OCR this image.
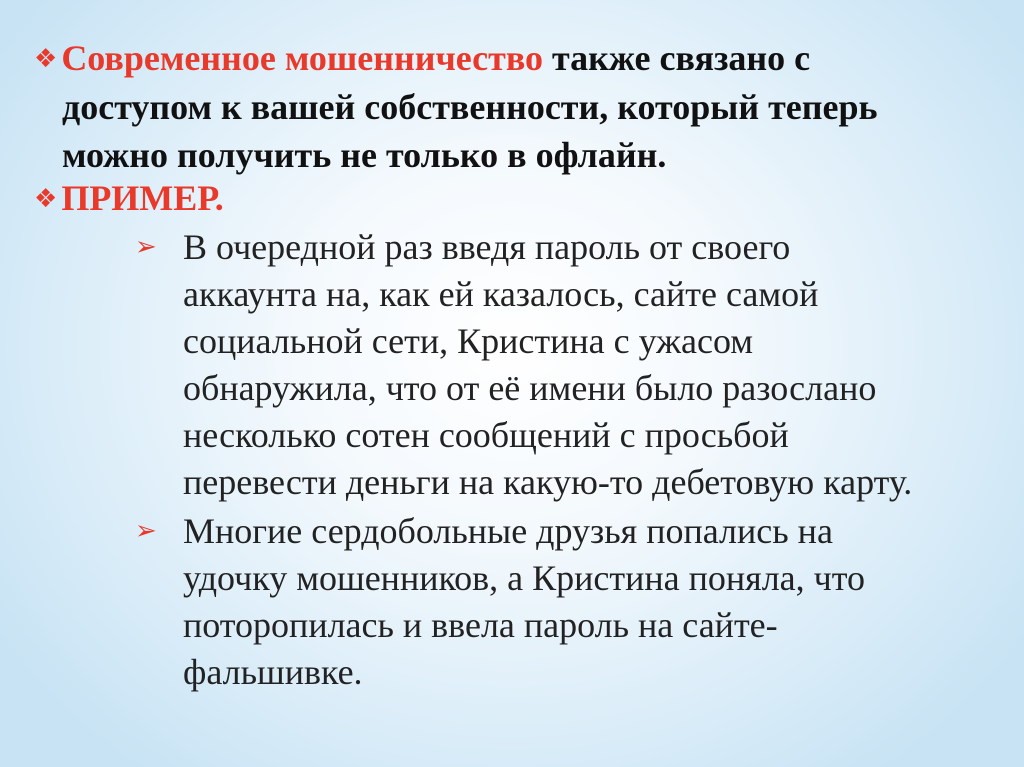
❖ Современное мошенничество также связано с
доступом к вашей собственности, который теперь
можно получить не только в офлайн.

❖ ПРИМЕР.

➢ В очередной раз введя пароль от своего
аккаунта на, как ей казалось, сайте самой
социальной сети, Кристина с ужасом
обнаружила, что от её имени было разослано
несколько сотен сообщений с просьбой
перевести деньги на какую-то дебетовую карту.
➢ Многие сердобольные друзья попались на
удочку мошенников, а Кристина поняла, что
поторопилась и ввела пароль на сайте-
фальшивке.
